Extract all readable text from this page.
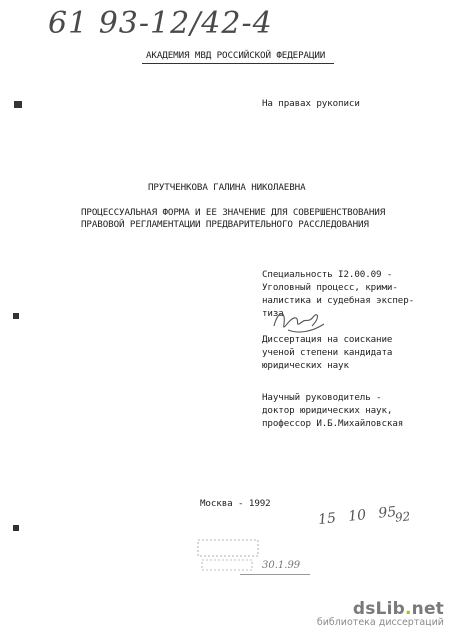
61 93-12/42-4
АКАДЕМИЯ МВД РОССИЙСКОЙ ФЕДЕРАЦИИ
На правах рукописи
ПРУТЧЕНКОВА ГАЛИНА НИКОЛАЕВНА
ПРОЦЕССУАЛЬНАЯ ФОРМА И ЕЕ ЗНАЧЕНИЕ ДЛЯ СОВЕРШЕНСТВОВАНИЯ
ПРАВОВОЙ РЕГЛАМЕНТАЦИИ ПРЕДВАРИТЕЛЬНОГО РАССЛЕДОВАНИЯ
Специальность I2.00.09 -
Уголовный процесс, крими-
налистика и судебная экспер-
тиза
Диссертация на соискание
ученой степени кандидата
юридических наук
Научный руководитель -
доктор юридических наук,
профессор И.Б.Михайловская
Москва - 1992
15 10 95
92
30.1.99
dsLib.net
библиотека диссертаций
